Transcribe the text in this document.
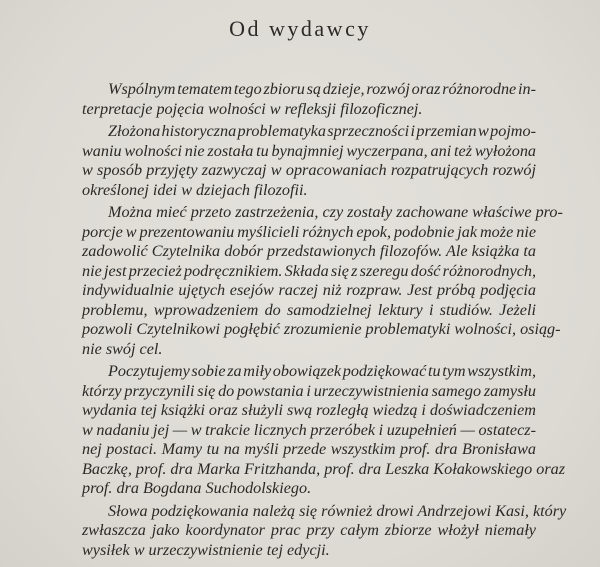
Od wydawcy
Wspólnym tematem tego zbioru są dzieje, rozwój oraz różnorodne in-
terpretacje pojęcia wolności w refleksji filozoficznej.
Złożona historyczna problematyka sprzeczności i przemian w pojmo-
waniu wolności nie została tu bynajmniej wyczerpana, ani też wyłożona
w sposób przyjęty zazwyczaj w opracowaniach rozpatrujących rozwój
określonej idei w dziejach filozofii.
Można mieć przeto zastrzeżenia, czy zostały zachowane właściwe pro-
porcje w prezentowaniu myślicieli różnych epok, podobnie jak może nie
zadowolić Czytelnika dobór przedstawionych filozofów. Ale książka ta
nie jest przecież podręcznikiem. Składa się z szeregu dość różnorodnych,
indywidualnie ujętych esejów raczej niż rozpraw. Jest próbą podjęcia
problemu, wprowadzeniem do samodzielnej lektury i studiów. Jeżeli
pozwoli Czytelnikowi pogłębić zrozumienie problematyki wolności, osiąg-
nie swój cel.
Poczytujemy sobie za miły obowiązek podziękować tu tym wszystkim,
którzy przyczynili się do powstania i urzeczywistnienia samego zamysłu
wydania tej książki oraz służyli swą rozległą wiedzą i doświadczeniem
w nadaniu jej — w trakcie licznych przeróbek i uzupełnień — ostatecz-
nej postaci. Mamy tu na myśli przede wszystkim prof. dra Bronisława
Baczkę, prof. dra Marka Fritzhanda, prof. dra Leszka Kołakowskiego oraz
prof. dra Bogdana Suchodolskiego.
Słowa podziękowania należą się również drowi Andrzejowi Kasi, który
zwłaszcza jako koordynator prac przy całym zbiorze włożył niemały
wysiłek w urzeczywistnienie tej edycji.
